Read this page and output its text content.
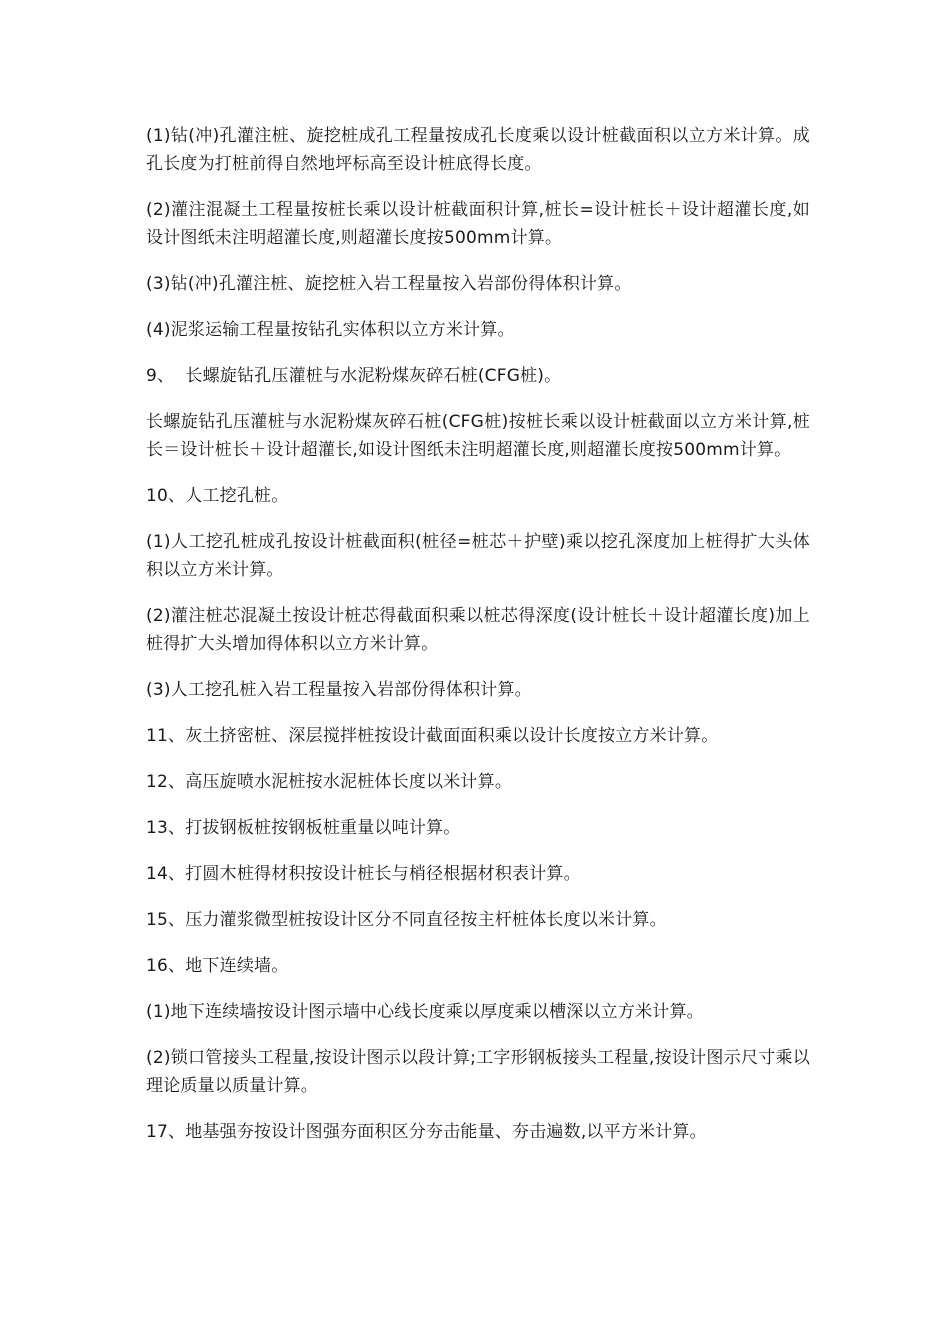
(1)钻(冲)孔灌注桩、旋挖桩成孔工程量按成孔长度乘以设计桩截面积以立方米计算。成孔长度为打桩前得自然地坪标高至设计桩底得长度。

(2)灌注混凝土工程量按桩长乘以设计桩截面积计算,桩长=设计桩长＋设计超灌长度,如设计图纸未注明超灌长度,则超灌长度按500mm计算。

(3)钻(冲)孔灌注桩、旋挖桩入岩工程量按入岩部份得体积计算。

(4)泥浆运输工程量按钻孔实体积以立方米计算。

9、  长螺旋钻孔压灌桩与水泥粉煤灰碎石桩(CFG桩)。

长螺旋钻孔压灌桩与水泥粉煤灰碎石桩(CFG桩)按桩长乘以设计桩截面以立方米计算,桩长＝设计桩长＋设计超灌长,如设计图纸未注明超灌长度,则超灌长度按500mm计算。

10、人工挖孔桩。

(1)人工挖孔桩成孔按设计桩截面积(桩径=桩芯＋护壁)乘以挖孔深度加上桩得扩大头体积以立方米计算。

(2)灌注桩芯混凝土按设计桩芯得截面积乘以桩芯得深度(设计桩长＋设计超灌长度)加上桩得扩大头增加得体积以立方米计算。

(3)人工挖孔桩入岩工程量按入岩部份得体积计算。

11、灰土挤密桩、深层搅拌桩按设计截面面积乘以设计长度按立方米计算。

12、高压旋喷水泥桩按水泥桩体长度以米计算。

13、打拔钢板桩按钢板桩重量以吨计算。

14、打圆木桩得材积按设计桩长与梢径根据材积表计算。

15、压力灌浆微型桩按设计区分不同直径按主杆桩体长度以米计算。

16、地下连续墙。

(1)地下连续墙按设计图示墙中心线长度乘以厚度乘以槽深以立方米计算。

(2)锁口管接头工程量,按设计图示以段计算;工字形钢板接头工程量,按设计图示尺寸乘以理论质量以质量计算。

17、地基强夯按设计图强夯面积区分夯击能量、夯击遍数,以平方米计算。
